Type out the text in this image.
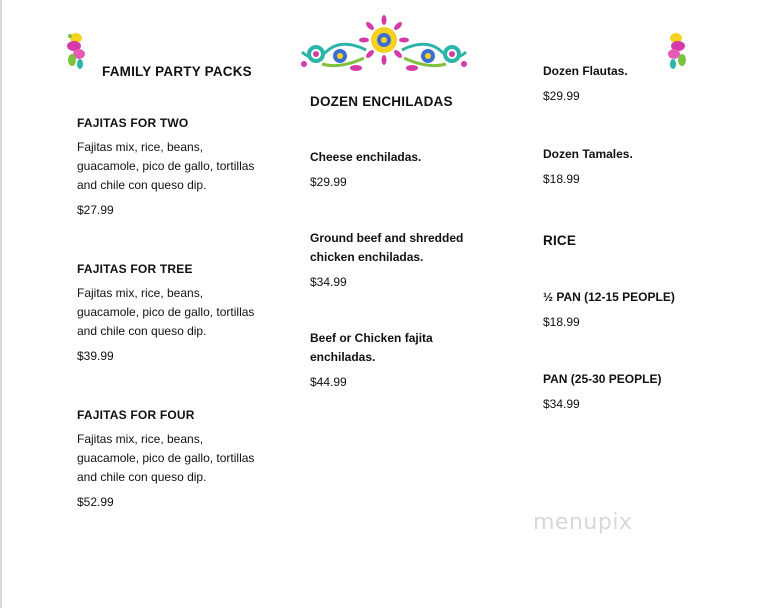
FAMILY PARTY PACKS
FAJITAS FOR TWO
Fajitas mix, rice, beans,
guacamole, pico de gallo, tortillas
and chile con queso dip.
$27.99
FAJITAS FOR TREE
Fajitas mix, rice, beans,
guacamole, pico de gallo, tortillas
and chile con queso dip.
$39.99
FAJITAS FOR FOUR
Fajitas mix, rice, beans,
guacamole, pico de gallo, tortillas
and chile con queso dip.
$52.99
DOZEN ENCHILADAS
Cheese enchiladas.
$29.99
Ground beef and shredded
chicken enchiladas.
$34.99
Beef or Chicken fajita
enchiladas.
$44.99
Dozen Flautas.
$29.99
Dozen Tamales.
$18.99
RICE
½ PAN (12-15 PEOPLE)
$18.99
PAN (25-30 PEOPLE)
$34.99
menupix
